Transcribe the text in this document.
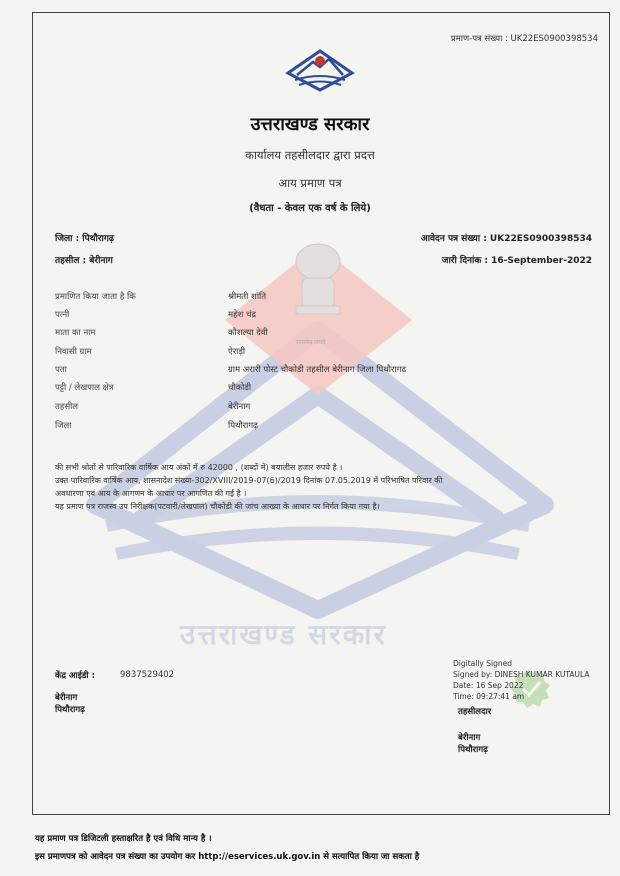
प्रमाण-पत्र संख्या : UK22ES0900398534
उत्तराखण्ड सरकार
कार्यालय तहसीलदार द्वारा प्रदत्त
आय प्रमाण पत्र
(वैधता - केवल एक वर्ष के लिये)
जिला : पिथौरागढ़
तहसील : बेरीनाग
आवेदन पत्र संख्या : UK22ES0900398534
जारी दिनांक : 16-September-2022
प्रमाणित किया जाता है कि	श्रीमती शांति
पत्नी	महेश चंद्र
माता का नाम	कौशल्या देवी
निवासी ग्राम	ऐराड़ी
पता	ग्राम अरारी पोस्ट चौकोडी तहसील बेरीनाग जिला पिथौरागढ
पट्टी / लेखपाल क्षेत्र	चौकोडी
तहसील	बेरीनाग
जिला	पिथौरागढ़
सत्यमेव जयते
की सभी श्रोतों से पारिवारिक वार्षिक आय अंकों में रु 42000 , (शब्दों में) बयालीस हजार रुपये है ।
उक्त पारिवारिक वार्षिक आय, शासनादेश संख्या-302/XVIII/2019-07(6)/2019 दिनांक 07.05.2019 में परिभाषित परिवार की
अवधारणा एवं आय के आगणन के आधार पर आगणित की गई है ।
यह प्रमाण पत्र राजस्व उप निरीक्षक(पटवारी/लेखपाल) चौकोडी की जांच आख्या के आधार पर निर्गत किया गया है।
उत्तराखण्ड सरकार
केंद्र आईडी :	9837529402
बेरीनाग
पिथौरागढ़
Digitally Signed
Signed by: DINESH KUMAR KUTAULA
Date: 16 Sep 2022
Time: 09:27:41 am
तहसीलदार
बेरीनाग
पिथौरागढ़
यह प्रमाण पत्र डिजिटली हस्ताक्षरित है एवं विधि मान्य है ।
इस प्रमाणपत्र को आवेदन पत्र संख्या का उपयोग कर http://eservices.uk.gov.in से सत्यापित किया जा सकता है
